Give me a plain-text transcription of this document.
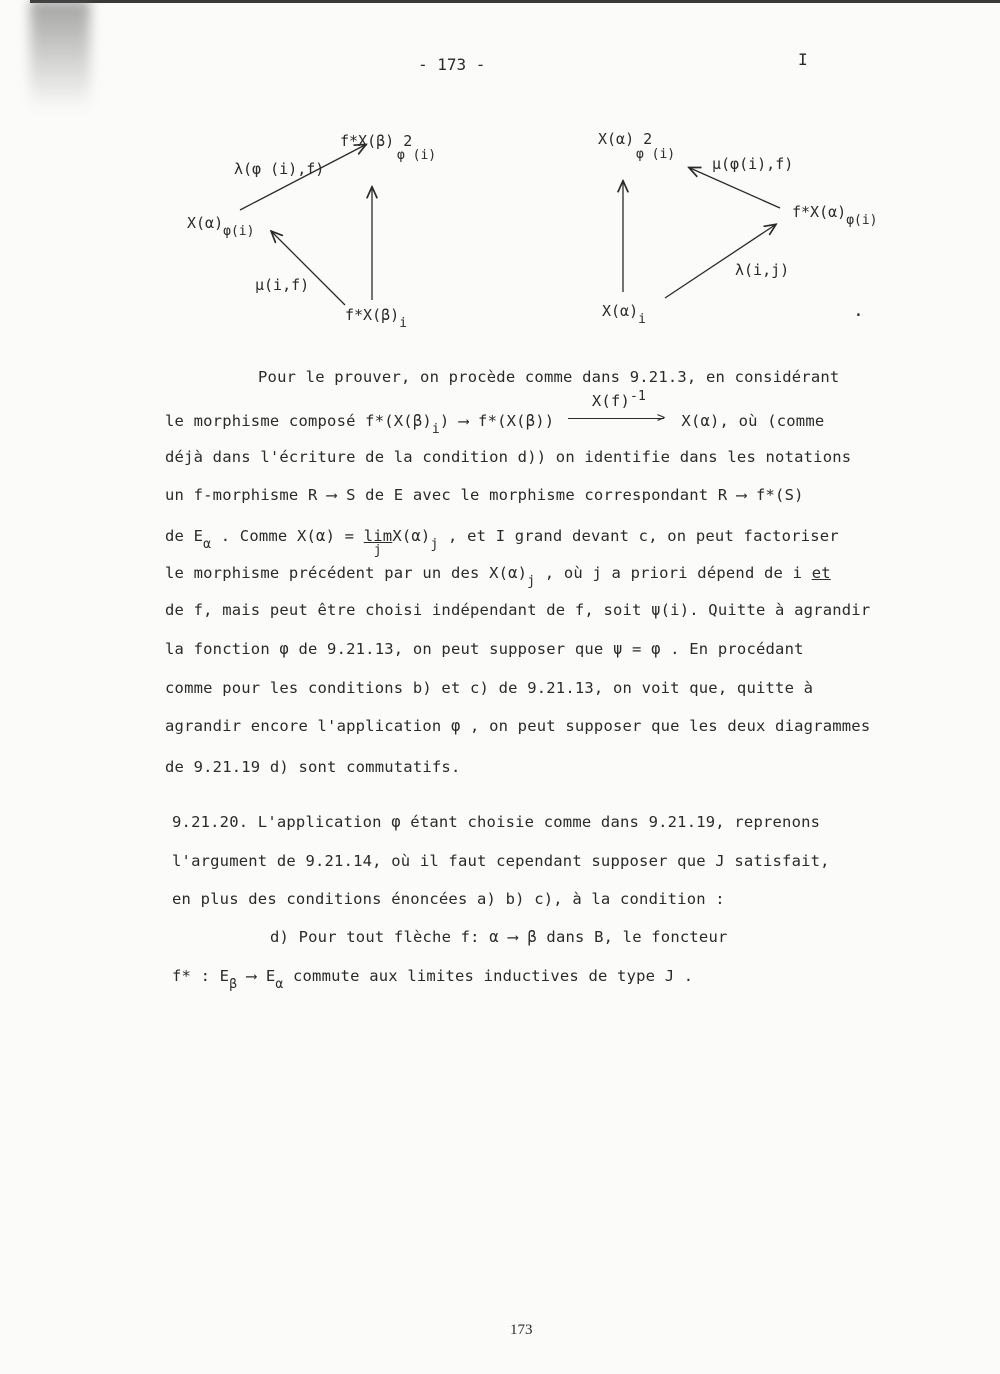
- 173 -	I
f*X(β) 2
φ (i)
λ(φ (i),f)
X(α)φ(i)
μ(i,f)
f*X(β)i
X(α) 2
φ (i)
μ(φ(i),f)
f*X(α)φ(i)
λ(i,j)
X(α)i	.
Pour le prouver, on procède comme dans 9.21.3, en considérant
le morphisme composé $f*(X(\beta)_i)$ ⟶ f*(X(β))
$X(f)^{-1}$
> X(α), où (comme
déjà dans l'écriture de la condition d)) on identifie dans les notations
un f-morphisme R ⟶ S de E avec le morphisme correspondant R ⟶ f*(S)
de $E_\alpha$ . Comme X(α) = lim
j
$X(\alpha)_j$ , et I grand devant c, on peut factoriser
le morphisme précédent par un des $X(\alpha)_j$ , où j a priori dépend de i et
de f, mais peut être choisi indépendant de f, soit ψ(i). Quitte à agrandir
la fonction φ de 9.21.13, on peut supposer que ψ = φ . En procédant
comme pour les conditions b) et c) de 9.21.13, on voit que, quitte à
agrandir encore l'application φ , on peut supposer que les deux diagrammes
de 9.21.19 d) sont commutatifs.
9.21.20. L'application φ étant choisie comme dans 9.21.19, reprenons
l'argument de 9.21.14, où il faut cependant supposer que J satisfait,
en plus des conditions énoncées a) b) c), à la condition :
d) Pour tout flèche f: α ⟶ β dans B, le foncteur
f* : $E_\beta$ ⟶ $E_\alpha$ commute aux limites inductives de type J .
173
